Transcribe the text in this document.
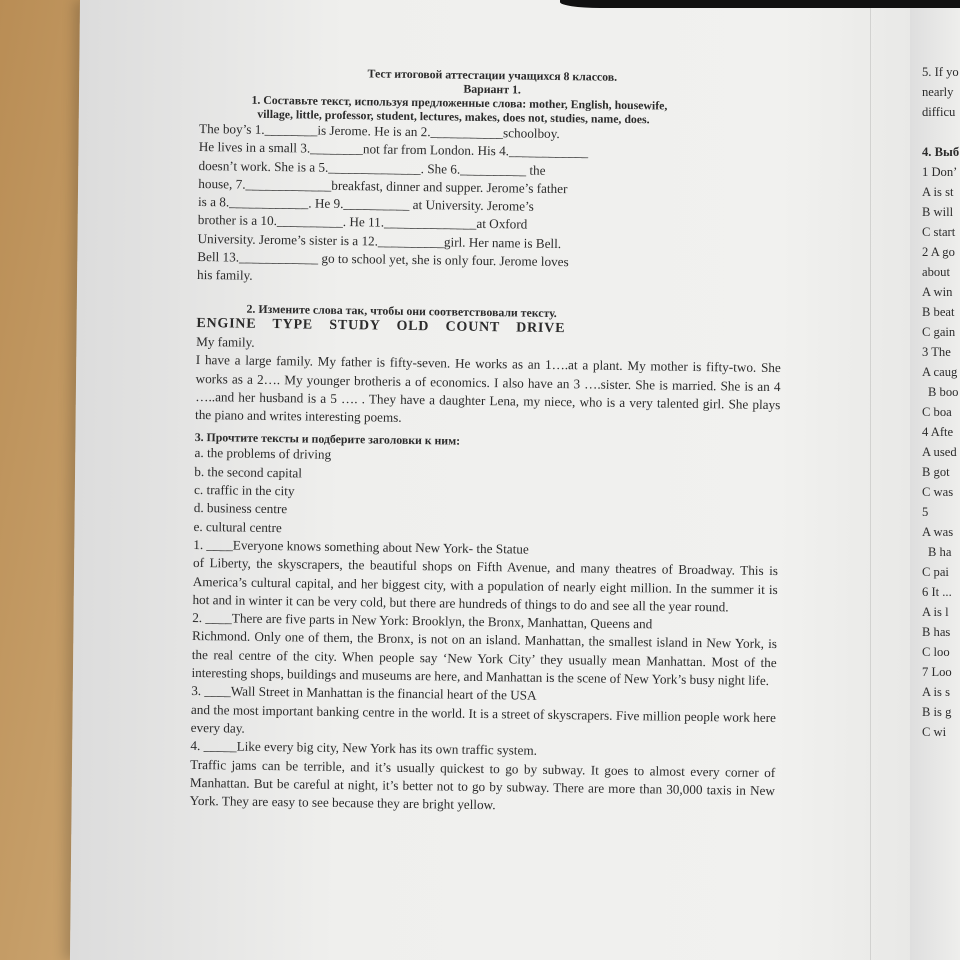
Тест итоговой аттестации учащихся 8 классов.
Вариант 1.
1. Составьте текст, используя предложенные слова: mother, English, housewife,
village, little, professor, student, lectures, makes, does not, studies, name, does.

The boy’s 1.________is Jerome. He is an 2.___________schoolboy.

He lives in a small 3.________not far from London. His 4.____________

doesn’t work. She is a 5.______________. She 6.__________ the

house, 7._____________breakfast, dinner and supper. Jerome’s father

is a 8.____________. He 9.__________ at University. Jerome’s

brother is a 10.__________. He 11.______________at Oxford

University. Jerome’s sister is a 12.__________girl. Her name is Bell.

Bell 13.____________ go to school yet, she is only four. Jerome loves

his family.

2. Измените слова так, чтобы они соответствовали тексту.
ENGINE TYPE STUDY OLD COUNT DRIVE

My family.

I have a large family. My father is fifty-seven. He works as an 1….at a plant. My mother is fifty-two. She works as a 2…. My younger brotheris a of economics. I also have an 3 ….sister. She is married. She is an 4 …..and her husband is a 5 …. . They have a daughter Lena, my niece, who is a very talented girl. She plays the piano and writes interesting poems.

3. Прочтите тексты и подберите заголовки к ним:

a. the problems of driving

b. the second capital

c. traffic in the city

d. business centre

e. cultural centre

1. ____Everyone knows something about New York- the Statue

of Liberty, the skyscrapers, the beautiful shops on Fifth Avenue, and many theatres of Broadway. This is America’s cultural capital, and her biggest city, with a population of nearly eight million. In the summer it is hot and in winter it can be very cold, but there are hundreds of things to do and see all the year round.

2. ____There are five parts in New York: Brooklyn, the Bronx, Manhattan, Queens and

Richmond. Only one of them, the Bronx, is not on an island. Manhattan, the smallest island in New York, is the real centre of the city. When people say ‘New York City’ they usually mean Manhattan. Most of the interesting shops, buildings and museums are here, and Manhattan is the scene of New York’s busy night life.

3. ____Wall Street in Manhattan is the financial heart of the USA

and the most important banking centre in the world. It is a street of skyscrapers. Five million people work here every day.

4. _____Like every big city, New York has its own traffic system.

Traffic jams can be terrible, and it’s usually quickest to go by subway. It goes to almost every corner of Manhattan. But be careful at night, it’s better not to go by subway. There are more than 30,000 taxis in New York. They are easy to see because they are bright yellow.

5. If yo
nearly
difficu
4. Выб
1 Don’
A is st
B will
C start
2 A go
about
A win
B beat
C gain
3 The
A caug
B boo
C boa
4 Afte
A used
B got
C was
5
A was
B ha
C pai
6 It ...
A is l
B has
C loo
7 Loo
A is s
B is g
C wi
